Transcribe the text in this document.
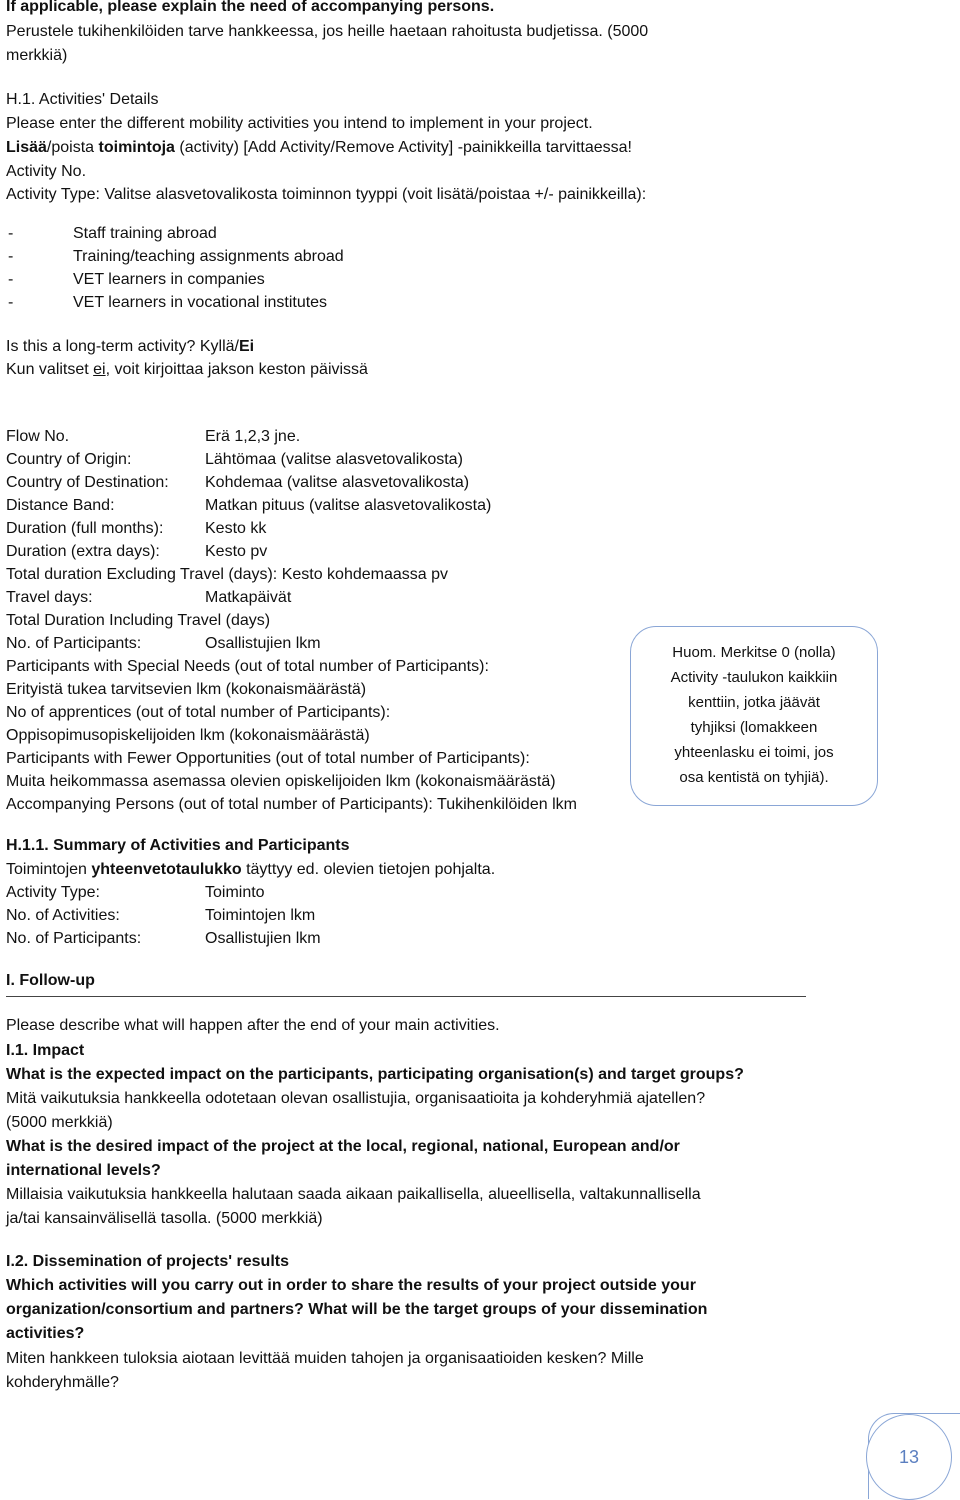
If applicable, please explain the need of accompanying persons.
Perustele tukihenkilöiden tarve hankkeessa, jos heille haetaan rahoitusta budjetissa. (5000
merkkiä)
H.1. Activities' Details
Please enter the different mobility activities you intend to implement in your project.
Lisää/poista toimintoja (activity) [Add Activity/Remove Activity] -painikkeilla tarvittaessa!
Activity No.
Activity Type: Valitse alasvetovalikosta toiminnon tyyppi (voit lisätä/poistaa +/- painikkeilla):
-	Staff training abroad
-	Training/teaching assignments abroad
-	VET learners in companies
-	VET learners in vocational institutes
Is this a long-term activity? Kyllä/Ei
Kun valitset ei, voit kirjoittaa jakson keston päivissä
Flow No.	Erä 1,2,3 jne.
Country of Origin:	Lähtömaa (valitse alasvetovalikosta)
Country of Destination: Kohdemaa (valitse alasvetovalikosta)
Distance Band:	Matkan pituus (valitse alasvetovalikosta)
Duration (full months):	Kesto kk
Duration (extra days):	Kesto pv
Total duration Excluding Travel (days): Kesto kohdemaassa pv
Travel days:	Matkapäivät
Total Duration Including Travel (days)
No. of Participants:	Osallistujien lkm
Participants with Special Needs (out of total number of Participants):
Erityistä tukea tarvitsevien lkm (kokonaismäärästä)
No of apprentices (out of total number of Participants):
Oppisopimusopiskelijoiden lkm (kokonaismäärästä)
Participants with Fewer Opportunities (out of total number of Participants):
Muita heikommassa asemassa olevien opiskelijoiden lkm (kokonaismäärästä)
Accompanying Persons (out of total number of Participants): Tukihenkilöiden lkm
Huom. Merkitse 0 (nolla)
Activity -taulukon kaikkiin
kenttiin, jotka jäävät
tyhjiksi (lomakkeen
yhteenlasku ei toimi, jos
osa kentistä on tyhjiä).
H.1.1. Summary of Activities and Participants
Toimintojen yhteenvetotaulukko täyttyy ed. olevien tietojen pohjalta.
Activity Type:	Toiminto
No. of Activities:	Toimintojen lkm
No. of Participants:	Osallistujien lkm
I. Follow-up
Please describe what will happen after the end of your main activities.
I.1. Impact
What is the expected impact on the participants, participating organisation(s) and target groups?
Mitä vaikutuksia hankkeella odotetaan olevan osallistujia, organisaatioita ja kohderyhmiä ajatellen?
(5000 merkkiä)
What is the desired impact of the project at the local, regional, national, European and/or
international levels?
Millaisia vaikutuksia hankkeella halutaan saada aikaan paikallisella, alueellisella, valtakunnallisella
ja/tai kansainvälisellä tasolla. (5000 merkkiä)
I.2. Dissemination of projects' results
Which activities will you carry out in order to share the results of your project outside your
organization/consortium and partners? What will be the target groups of your dissemination
activities?
Miten hankkeen tuloksia aiotaan levittää muiden tahojen ja organisaatioiden kesken? Mille
kohderyhmälle?
13
